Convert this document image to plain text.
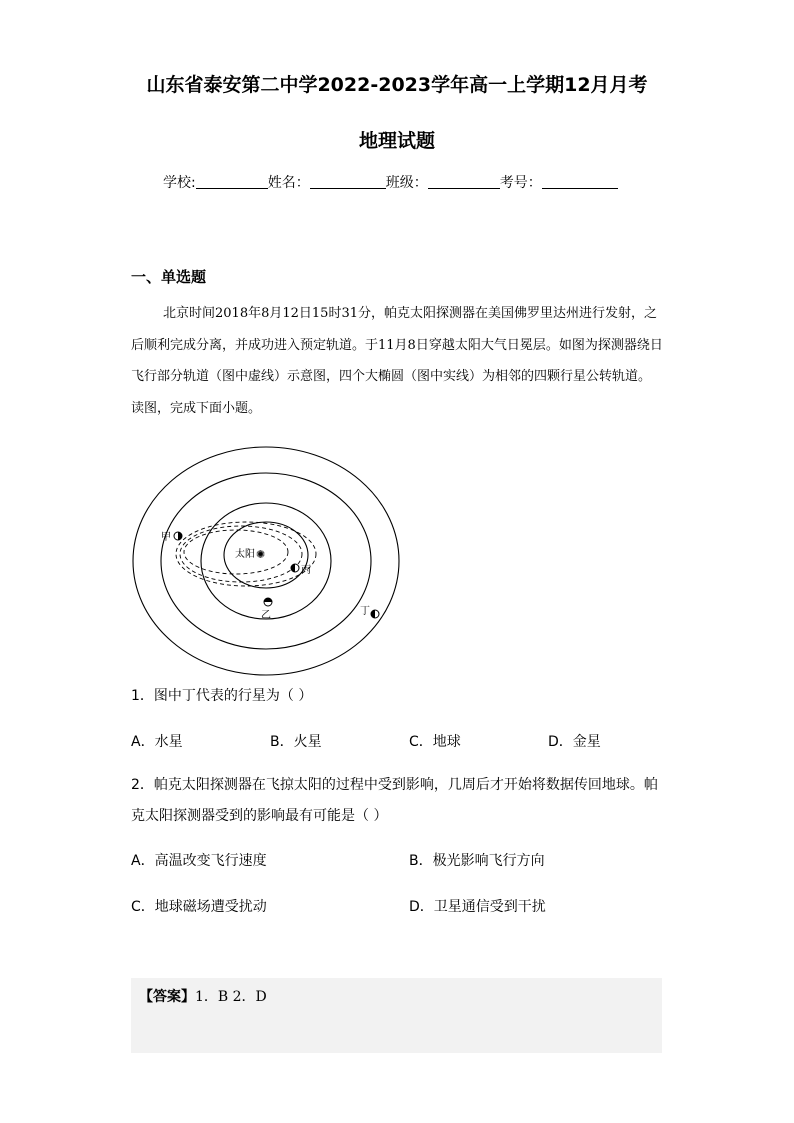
山东省泰安第二中学2022-2023学年高一上学期12月月考
地理试题
学校:	姓名：	班级：	考号：
一、单选题
北京时间2018年8月12日15时31分，帕克太阳探测器在美国佛罗里达州进行发射，之后顺利完成分离，并成功进入预定轨道。于11月8日穿越太阳大气日冕层。如图为探测器绕日飞行部分轨道（图中虚线）示意图，四个大椭圆（图中实线）为相邻的四颗行星公转轨道。读图，完成下面小题。
太阳 ✺
甲
丙
乙	丁
1．图中丁代表的行星为（ ）
A．水星	B．火星	C．地球	D．金星
2．帕克太阳探测器在飞掠太阳的过程中受到影响，几周后才开始将数据传回地球。帕克太阳探测器受到的影响最有可能是（ ）
A．高温改变飞行速度	B．极光影响飞行方向
C．地球磁场遭受扰动	D．卫星通信受到干扰
【答案】1．B 2．D
